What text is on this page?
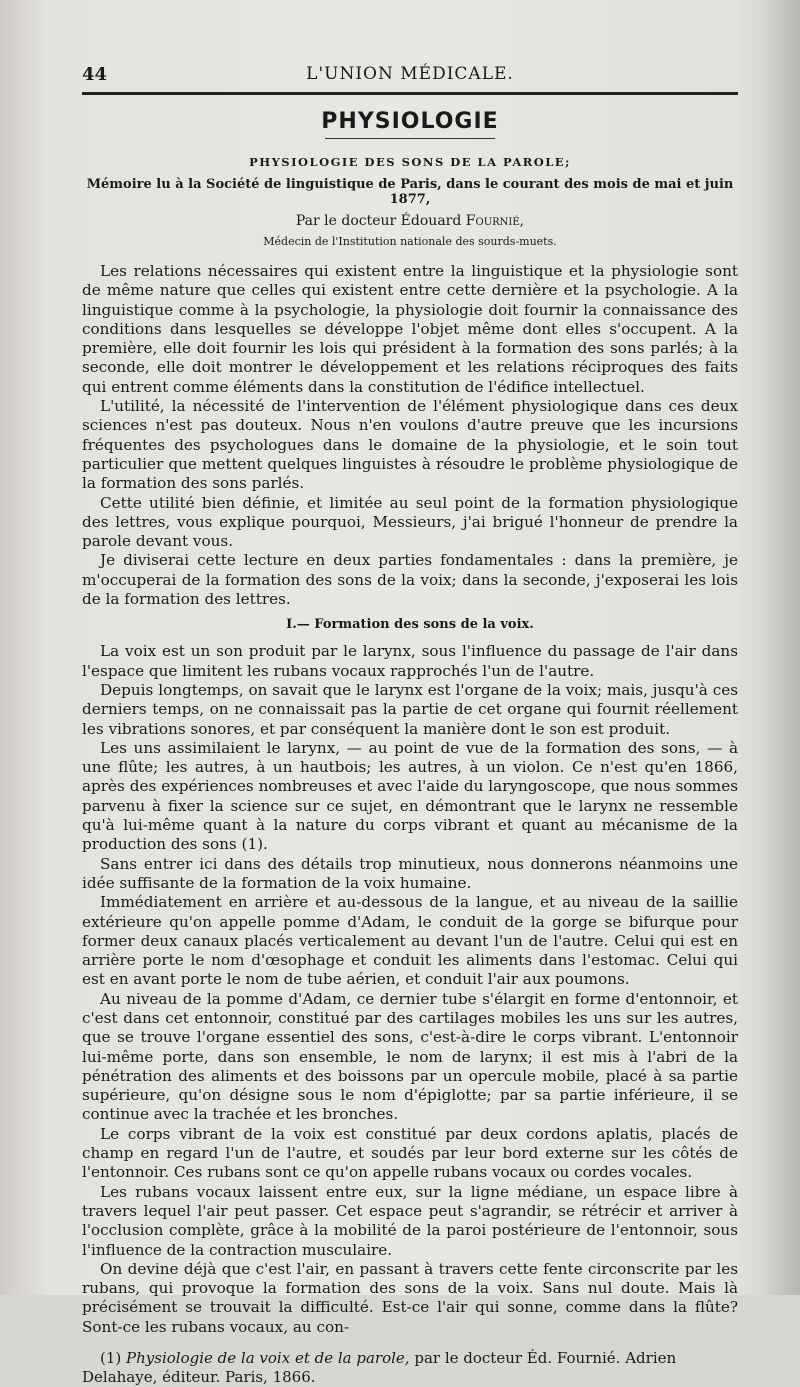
44	L'UNION MÉDICALE.
PHYSIOLOGIE
PHYSIOLOGIE DES SONS DE LA PAROLE;
Mémoire lu à la Société de linguistique de Paris, dans le courant des mois de mai et juin 1877,
Par le docteur Édouard Fournié,
Médecin de l'Institution nationale des sourds-muets.

Les relations nécessaires qui existent entre la linguistique et la physiologie sont de même nature que celles qui existent entre cette dernière et la psychologie. A la linguistique comme à la psychologie, la physiologie doit fournir la connaissance des conditions dans lesquelles se développe l'objet même dont elles s'occupent. A la première, elle doit fournir les lois qui président à la formation des sons parlés; à la seconde, elle doit montrer le développement et les relations réciproques des faits qui entrent comme éléments dans la constitution de l'édifice intellectuel.

L'utilité, la nécessité de l'intervention de l'élément physiologique dans ces deux sciences n'est pas douteux. Nous n'en voulons d'autre preuve que les incursions fréquentes des psychologues dans le domaine de la physiologie, et le soin tout particulier que mettent quelques linguistes à résoudre le problème physiologique de la formation des sons parlés.

Cette utilité bien définie, et limitée au seul point de la formation physiologique des lettres, vous explique pourquoi, Messieurs, j'ai brigué l'honneur de prendre la parole devant vous.

Je diviserai cette lecture en deux parties fondamentales : dans la première, je m'occuperai de la formation des sons de la voix; dans la seconde, j'exposerai les lois de la formation des lettres.

I.— Formation des sons de la voix.

La voix est un son produit par le larynx, sous l'influence du passage de l'air dans l'espace que limitent les rubans vocaux rapprochés l'un de l'autre.

Depuis longtemps, on savait que le larynx est l'organe de la voix; mais, jusqu'à ces derniers temps, on ne connaissait pas la partie de cet organe qui fournit réellement les vibrations sonores, et par conséquent la manière dont le son est produit.

Les uns assimilaient le larynx, — au point de vue de la formation des sons, — à une flûte; les autres, à un hautbois; les autres, à un violon. Ce n'est qu'en 1866, après des expériences nombreuses et avec l'aide du laryngoscope, que nous sommes parvenu à fixer la science sur ce sujet, en démontrant que le larynx ne ressemble qu'à lui-même quant à la nature du corps vibrant et quant au mécanisme de la production des sons (1).

Sans entrer ici dans des détails trop minutieux, nous donnerons néanmoins une idée suffisante de la formation de la voix humaine.

Immédiatement en arrière et au-dessous de la langue, et au niveau de la saillie extérieure qu'on appelle pomme d'Adam, le conduit de la gorge se bifurque pour former deux canaux placés verticalement au devant l'un de l'autre. Celui qui est en arrière porte le nom d'œsophage et conduit les aliments dans l'estomac. Celui qui est en avant porte le nom de tube aérien, et conduit l'air aux poumons.

Au niveau de la pomme d'Adam, ce dernier tube s'élargit en forme d'entonnoir, et c'est dans cet entonnoir, constitué par des cartilages mobiles les uns sur les autres, que se trouve l'organe essentiel des sons, c'est-à-dire le corps vibrant. L'entonnoir lui-même porte, dans son ensemble, le nom de larynx; il est mis à l'abri de la pénétration des aliments et des boissons par un opercule mobile, placé à sa partie supérieure, qu'on désigne sous le nom d'épiglotte; par sa partie inférieure, il se continue avec la trachée et les bronches.

Le corps vibrant de la voix est constitué par deux cordons aplatis, placés de champ en regard l'un de l'autre, et soudés par leur bord externe sur les côtés de l'entonnoir. Ces rubans sont ce qu'on appelle rubans vocaux ou cordes vocales.

Les rubans vocaux laissent entre eux, sur la ligne médiane, un espace libre à travers lequel l'air peut passer. Cet espace peut s'agrandir, se rétrécir et arriver à l'occlusion complète, grâce à la mobilité de la paroi postérieure de l'entonnoir, sous l'influence de la contraction musculaire.

On devine déjà que c'est l'air, en passant à travers cette fente circonscrite par les rubans, qui provoque la formation des sons de la voix. Sans nul doute. Mais là précisément se trouvait la difficulté. Est-ce l'air qui sonne, comme dans la flûte? Sont-ce les rubans vocaux, au con-

(1) Physiologie de la voix et de la parole, par le docteur Éd. Fournié. Adrien Delahaye, éditeur. Paris, 1866.
